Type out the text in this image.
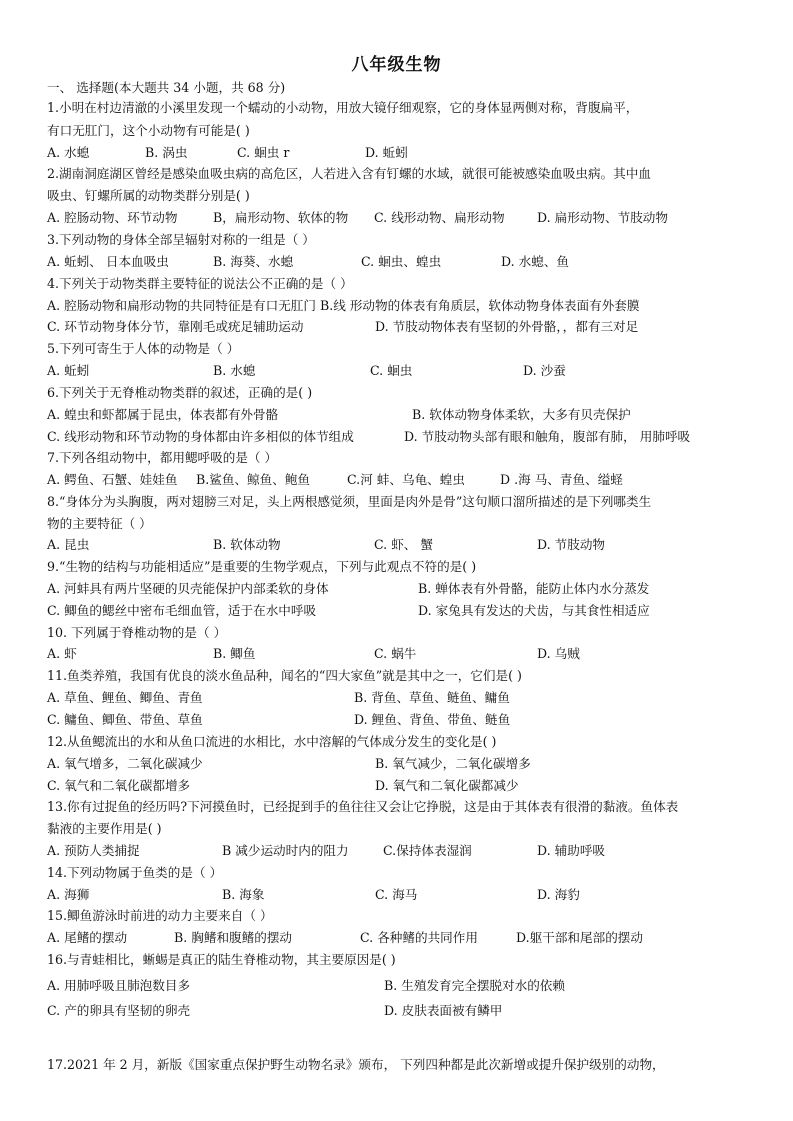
八年级生物
一、 选择题(本大题共 34 小题，共 68 分)
1.小明在村边清澈的小溪里发现一个蠕动的小动物，用放大镜仔细观察，它的身体显两侧对称，背腹扁平，
有口无肛门，这个小动物有可能是( )
2.湖南洞庭湖区曾经是感染血吸虫病的高危区，人若进入含有钉螺的水域，就很可能被感染血吸虫病。其中血
吸虫、钉螺所属的动物类群分别是( )
3.下列动物的身体全部呈辐射对称的一组是（ ）
4.下列关于动物类群主要特征的说法公不正确的是（ ）
5.下列可寄生于人体的动物是（ ）
6.下列关于无脊椎动物类群的叙述，正确的是( )
7.下列各组动物中，都用鳃呼吸的是（ ）
8.“身体分为头胸腹，两对翅膀三对足，头上两根感觉须，里面是肉外是骨”这句顺口溜所描述的是下列哪类生
物的主要特征（ ）
9.“生物的结构与功能相适应”是重要的生物学观点，下列与此观点不符的是( )
10. 下列属于脊椎动物的是（ ）
11.鱼类养殖，我国有优良的淡水鱼品种，闻名的“四大家鱼”就是其中之一，它们是( )
12.从鱼鳃流出的水和从鱼口流进的水相比，水中溶解的气体成分发生的变化是( )
13.你有过捉鱼的经历吗?下河摸鱼时，已经捉到手的鱼往往又会让它挣脱，这是由于其体表有很滑的黏液。鱼体表
黏液的主要作用是( )
14.下列动物属于鱼类的是（ ）
15.鲫鱼游泳时前进的动力主要来自（ ）
16.与青蛙相比，蜥蜴是真正的陆生脊椎动物，其主要原因是( )
17.2021 年 2 月，新版《国家重点保护野生动物名录》颁布， 下列四种都是此次新增或提升保护级别的动物，
A. 水螅	B. 涡虫	C. 蛔虫 r	D. 蚯蚓
A. 腔肠动物、环节动物	B，扁形动物、软体的物 C. 线形动物、扁形动物	D. 扁形动物、节肢动物
A. 蚯蚓、 日本血吸虫	B. 海葵、水螅	C. 蛔虫、蝗虫	D. 水螅、鱼
A. 腔肠动物和扁形动物的共同特征是有口无肛门 B.线 形动物的体表有角质层，软体动物身体表面有外套膜
C. 环节动物身体分节，靠刚毛或疣足辅助运动	D. 节肢动物体表有坚韧的外骨骼，，都有三对足
A. 蚯蚓	B. 水螅	C. 蛔虫	D. 沙蚕
A. 蝗虫和虾都属于昆虫，体表都有外骨骼	B. 软体动物身体柔软，大多有贝壳保护
C. 线形动物和环节动物的身体都由许多相似的体节组成	D. 节肢动物头部有眼和触角，腹部有肺， 用肺呼吸
A. 鳄鱼、石蟹、娃娃鱼 B.鲨鱼、鲸鱼、鲍鱼	C.河 蚌、乌龟、蝗虫	D .海 马、青鱼、缢蛏
A. 昆虫	B. 软体动物	C. 虾、 蟹	D. 节肢动物
A. 河蚌具有两片坚硬的贝壳能保护内部柔软的身体	B. 蝉体表有外骨骼，能防止体内水分蒸发
C. 鲫鱼的鳃丝中密布毛细血管，适于在水中呼吸	D. 家兔具有发达的犬齿，与其食性相适应
A. 虾	B. 鲫鱼	C. 蜗牛	D. 乌贼
A. 草鱼、鲤鱼、鲫鱼、青鱼	B. 背鱼、草鱼、鲢鱼、鳙鱼
C. 鳙鱼、鲫鱼、带鱼、草鱼	D. 鲤鱼、背鱼、带鱼、鲢鱼
A. 氧气增多，二氧化碳减少	B. 氧气减少，二氧化碳增多
C. 氧气和二氧化碳都增多	D. 氧气和二氧化碳都减少
A. 预防人类捕捉	B 减少运动时内的阻力	C.保持体表湿润	D. 辅助呼吸
A. 海狮	B. 海象	C. 海马	D. 海豹
A. 尾鳍的摆动	B. 胸鳍和腹鳍的摆动	C. 各种鳍的共同作用	D.躯干部和尾部的摆动
A. 用肺呼吸且肺泡数目多	B. 生殖发育完全摆脱对水的依赖
C. 产的卵具有坚韧的卵壳	D. 皮肤表面被有鳞甲
